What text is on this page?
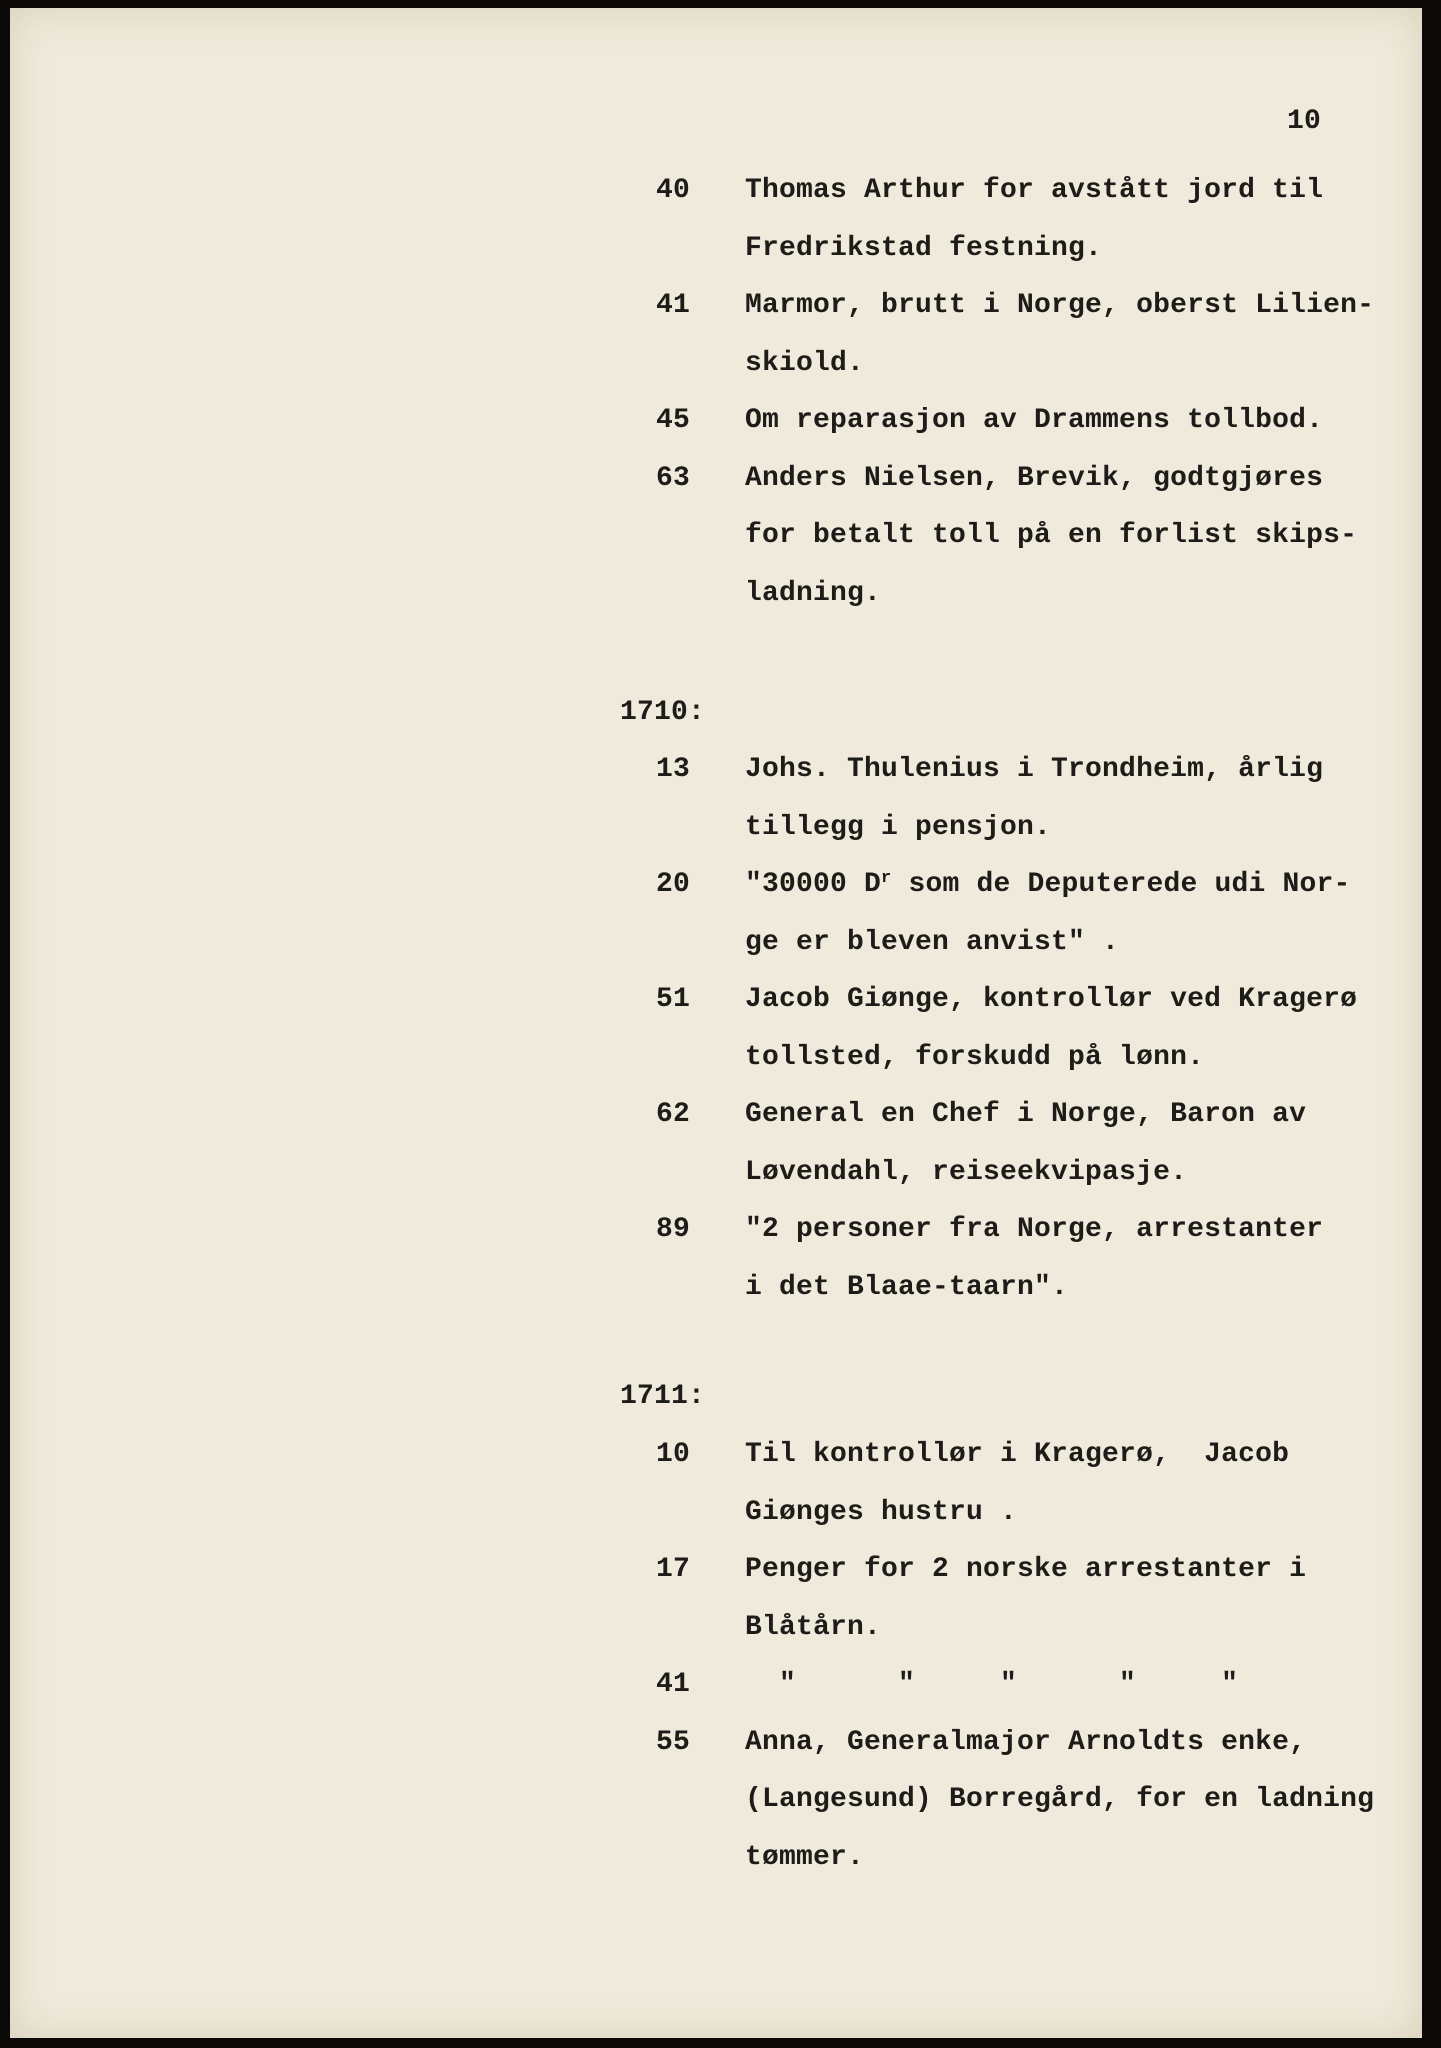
10
40 Thomas Arthur for avstått jord til
Fredrikstad festning.
41 Marmor, brutt i Norge, oberst Lilien-
skiold.
45 Om reparasjon av Drammens tollbod.
63 Anders Nielsen, Brevik, godtgjøres
for betalt toll på en forlist skips-
ladning.
1710:
13 Johs. Thulenius i Trondheim, årlig
tillegg i pensjon.
20 "30000 $D^r$ som de Deputerede udi Nor-
ge er bleven anvist" .
51 Jacob Giønge, kontrollør ved Kragerø
tollsted, forskudd på lønn.
62 General en Chef i Norge, Baron av
Løvendahl, reiseekvipasje.
89 "2 personer fra Norge, arrestanter
i det Blaae-taarn".
1711:
10 Til kontrollør i Kragerø,  Jacob
Giønges hustru .
17 Penger for 2 norske arrestanter i
Blåtårn.
41 "      "     "      "     "
55 Anna, Generalmajor Arnoldts enke,
(Langesund) Borregård, for en ladning
tømmer.
